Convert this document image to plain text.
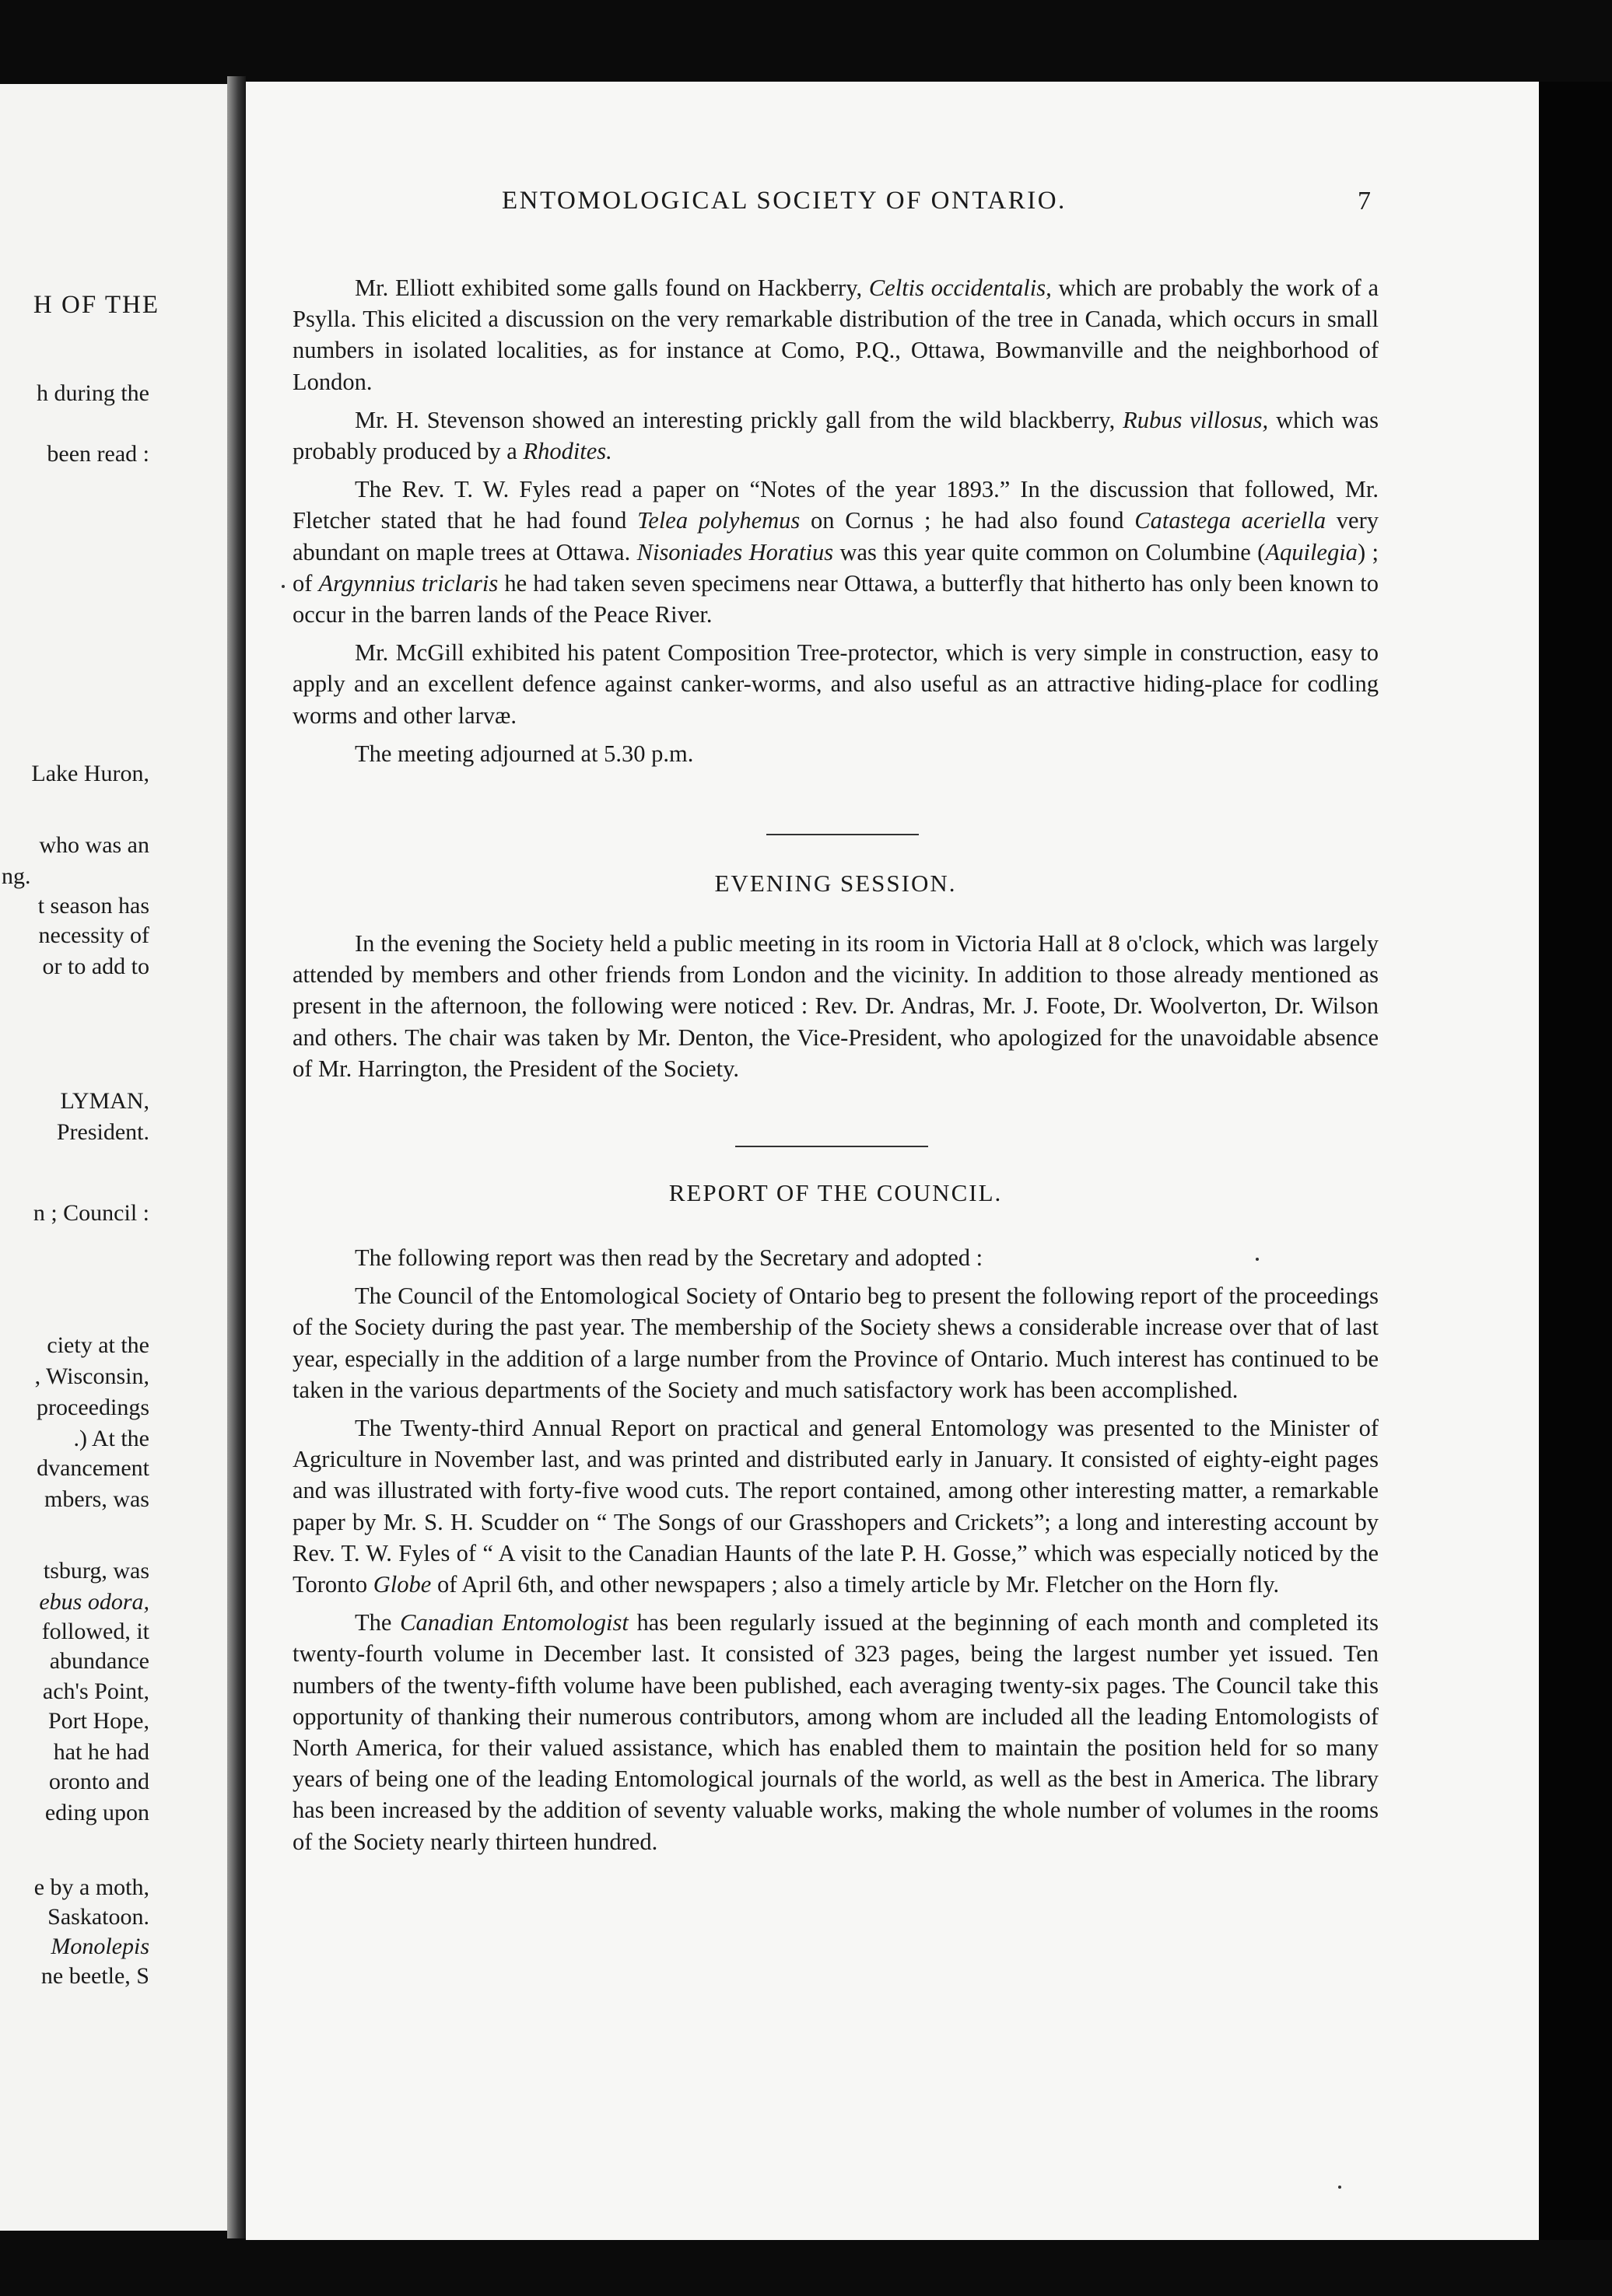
H OF THE
h during the
been read :
Lake Huron,
who was an
ng.
t season has
necessity of
or to add to
LYMAN,
President.
n ; Council :
ciety at the
, Wisconsin,
proceedings
.) At the
dvancement
mbers, was
tsburg, was
ebus odora,
followed, it
abundance
ach's Point,
Port Hope,
hat he had
oronto and
eding upon
e by a moth,
Saskatoon.
Monolepis
ne beetle, S
ENTOMOLOGICAL SOCIETY OF ONTARIO.	7

Mr. Elliott exhibited some galls found on Hackberry, Celtis occidentalis, which are probably the work of a Psylla. This elicited a discussion on the very remarkable distribution of the tree in Canada, which occurs in small numbers in isolated localities, as for instance at Como, P.Q., Ottawa, Bowmanville and the neighborhood of London.

Mr. H. Stevenson showed an interesting prickly gall from the wild blackberry, Rubus villosus, which was probably produced by a Rhodites.

The Rev. T. W. Fyles read a paper on “Notes of the year 1893.” In the discussion that followed, Mr. Fletcher stated that he had found Telea polyhemus on Cornus ; he had also found Catastega aceriella very abundant on maple trees at Ottawa. Nisoniades Horatius was this year quite common on Columbine (Aquilegia) ; of Argynnius triclaris he had taken seven specimens near Ottawa, a butterfly that hitherto has only been known to occur in the barren lands of the Peace River.

Mr. McGill exhibited his patent Composition Tree-protector, which is very simple in construction, easy to apply and an excellent defence against canker-worms, and also useful as an attractive hiding-place for codling worms and other larvæ.

The meeting adjourned at 5.30 p.m.

EVENING SESSION.

In the evening the Society held a public meeting in its room in Victoria Hall at 8 o'clock, which was largely attended by members and other friends from London and the vicinity. In addition to those already mentioned as present in the afternoon, the following were noticed : Rev. Dr. Andras, Mr. J. Foote, Dr. Woolverton, Dr. Wilson and others. The chair was taken by Mr. Denton, the Vice-President, who apologized for the unavoidable absence of Mr. Harrington, the President of the Society.

REPORT OF THE COUNCIL.

The following report was then read by the Secretary and adopted :

The Council of the Entomological Society of Ontario beg to present the following report of the proceedings of the Society during the past year. The membership of the Society shews a considerable increase over that of last year, especially in the addition of a large number from the Province of Ontario. Much interest has continued to be taken in the various departments of the Society and much satisfactory work has been accomplished.

The Twenty-third Annual Report on practical and general Entomology was presented to the Minister of Agriculture in November last, and was printed and distributed early in January. It consisted of eighty-eight pages and was illustrated with forty-five wood cuts. The report contained, among other interesting matter, a remarkable paper by Mr. S. H. Scudder on “ The Songs of our Grasshopers and Crickets”; a long and interesting account by Rev. T. W. Fyles of “ A visit to the Canadian Haunts of the late P. H. Gosse,” which was especially noticed by the Toronto Globe of April 6th, and other newspapers ; also a timely article by Mr. Fletcher on the Horn fly.

The Canadian Entomologist has been regularly issued at the beginning of each month and completed its twenty-fourth volume in December last. It consisted of 323 pages, being the largest number yet issued. Ten numbers of the twenty-fifth volume have been published, each averaging twenty-six pages. The Council take this opportunity of thanking their numerous contributors, among whom are included all the leading Entomologists of North America, for their valued assistance, which has enabled them to maintain the position held for so many years of being one of the leading Entomological journals of the world, as well as the best in America. The library has been increased by the addition of seventy valuable works, making the whole number of volumes in the rooms of the Society nearly thirteen hundred.
